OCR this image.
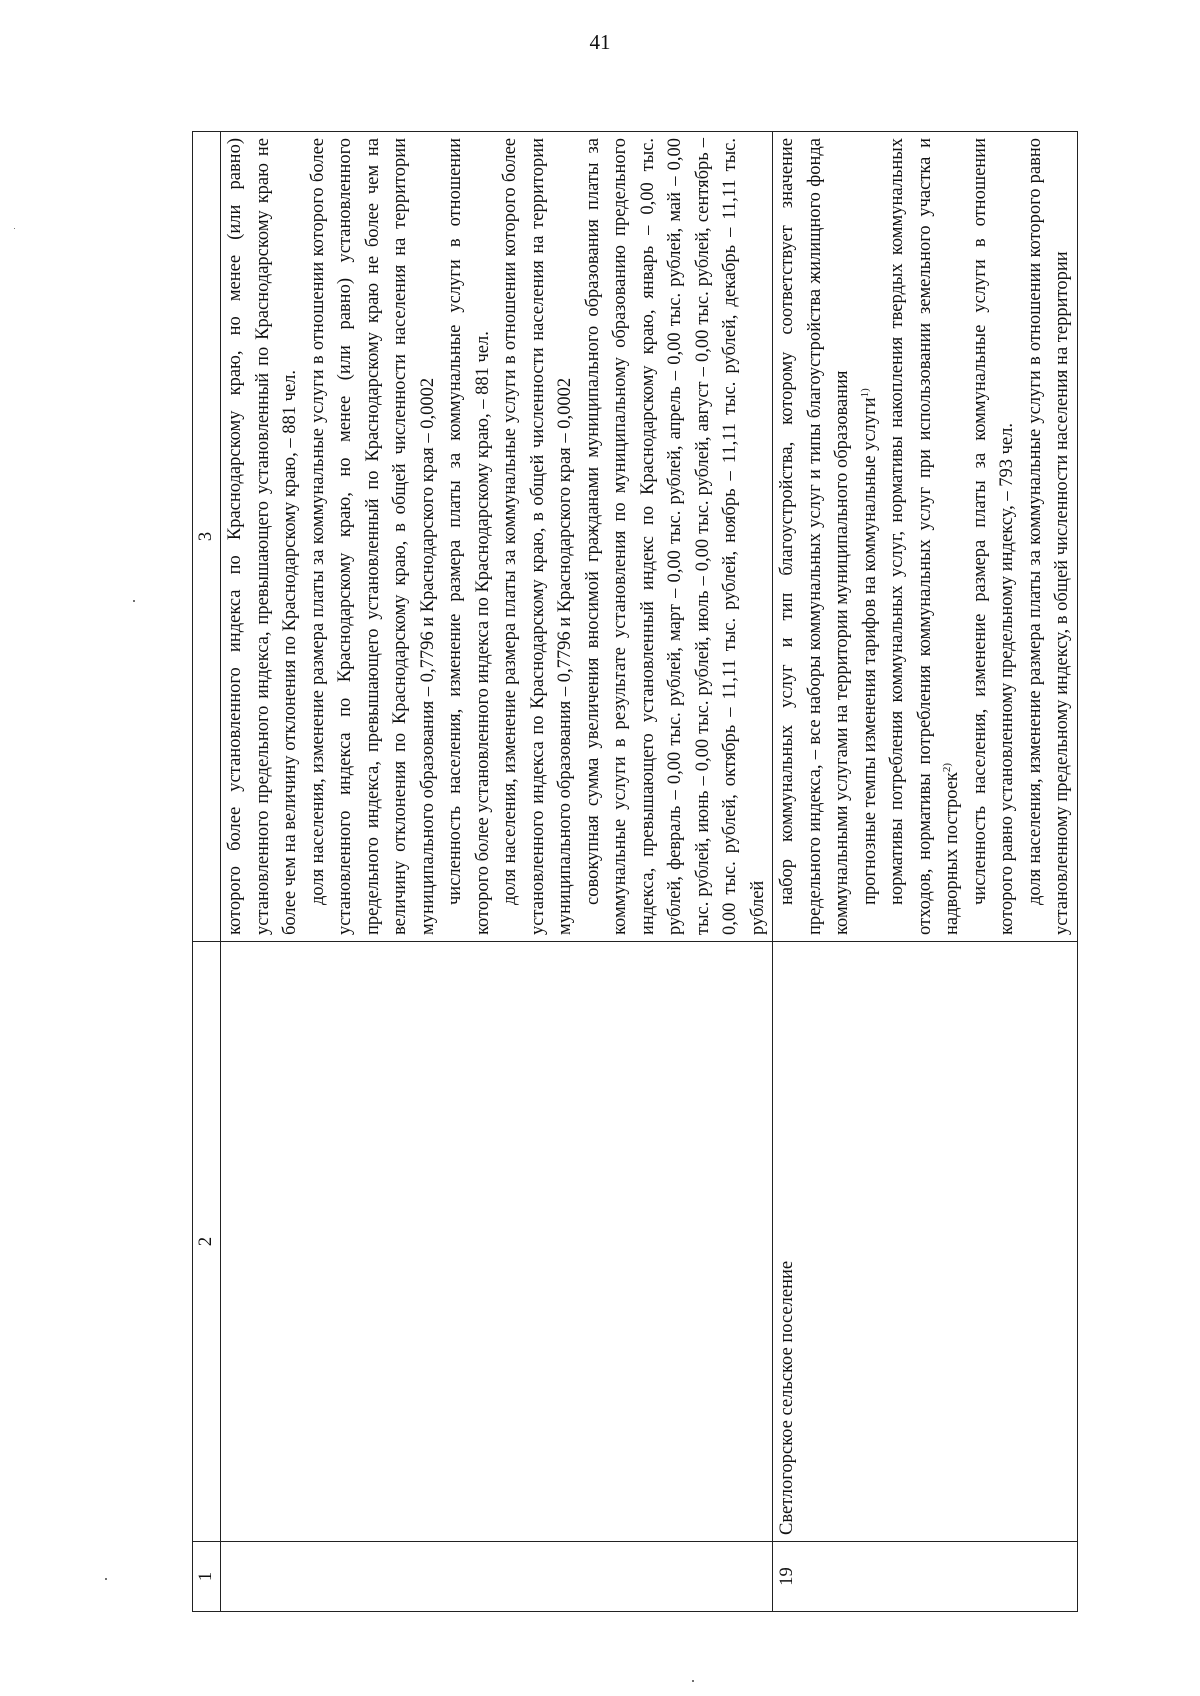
41
1	2	3

		которого более установленного индекса по Краснодарскому краю, но менее (или равно) установленного предельного индекса, превышающего установленный по Краснодарскому краю не более чем на величину отклонения по Краснодарскому краю, – 881 чел. доля населения, изменение размера платы за коммунальные услуги в отношении которого более установленного индекса по Краснодарскому краю, но менее (или равно) установленного предельного индекса, превышающего установленный по Краснодарскому краю не более чем на величину отклонения по Краснодарскому краю, в общей численности населения на территории муниципального образования – 0,7796 и Краснодарского края – 0,0002 численность населения, изменение размера платы за коммунальные услуги в отношении которого более установленного индекса по Краснодарскому краю, – 881 чел. доля населения, изменение размера платы за коммунальные услуги в отношении которого более установленного индекса по Краснодарскому краю, в общей численности населения на территории муниципального образования – 0,7796 и Краснодарского края – 0,0002 совокупная сумма увеличения вносимой гражданами муниципального образования платы за коммунальные услуги в результате установления по муниципальному образованию предельного индекса, превышающего установленный индекс по Краснодарскому краю, январь – 0,00 тыс. рублей, февраль – 0,00 тыс. рублей, март – 0,00 тыс. рублей, апрель – 0,00 тыс. рублей, май – 0,00 тыс. рублей, июнь – 0,00 тыс. рублей, июль – 0,00 тыс. рублей, август – 0,00 тыс. рублей, сентябрь – 0,00 тыс. рублей, октябрь – 11,11 тыс. рублей, ноябрь – 11,11 тыс. рублей, декабрь – 11,11 тыс. рублей

19	Светлогорское сельское поселение	набор коммунальных услуг и тип благоустройства, которому соответствует значение предельного индекса, – все наборы коммунальных услуг и типы благоустройства жилищного фонда коммунальными услугами на территории муниципального образования прогнозные темпы изменения тарифов на коммунальные услуги$^{1)}$ нормативы потребления коммунальных услуг, нормативы накопления твердых коммунальных отходов, нормативы потребления коммунальных услуг при использовании земельного участка и надворных построек$^{2)}$ численность населения, изменение размера платы за коммунальные услуги в отношении которого равно установленному предельному индексу, – 793 чел. доля населения, изменение размера платы за коммунальные услуги в отношении которого равно установленному предельному индексу, в общей численности населения на территории
